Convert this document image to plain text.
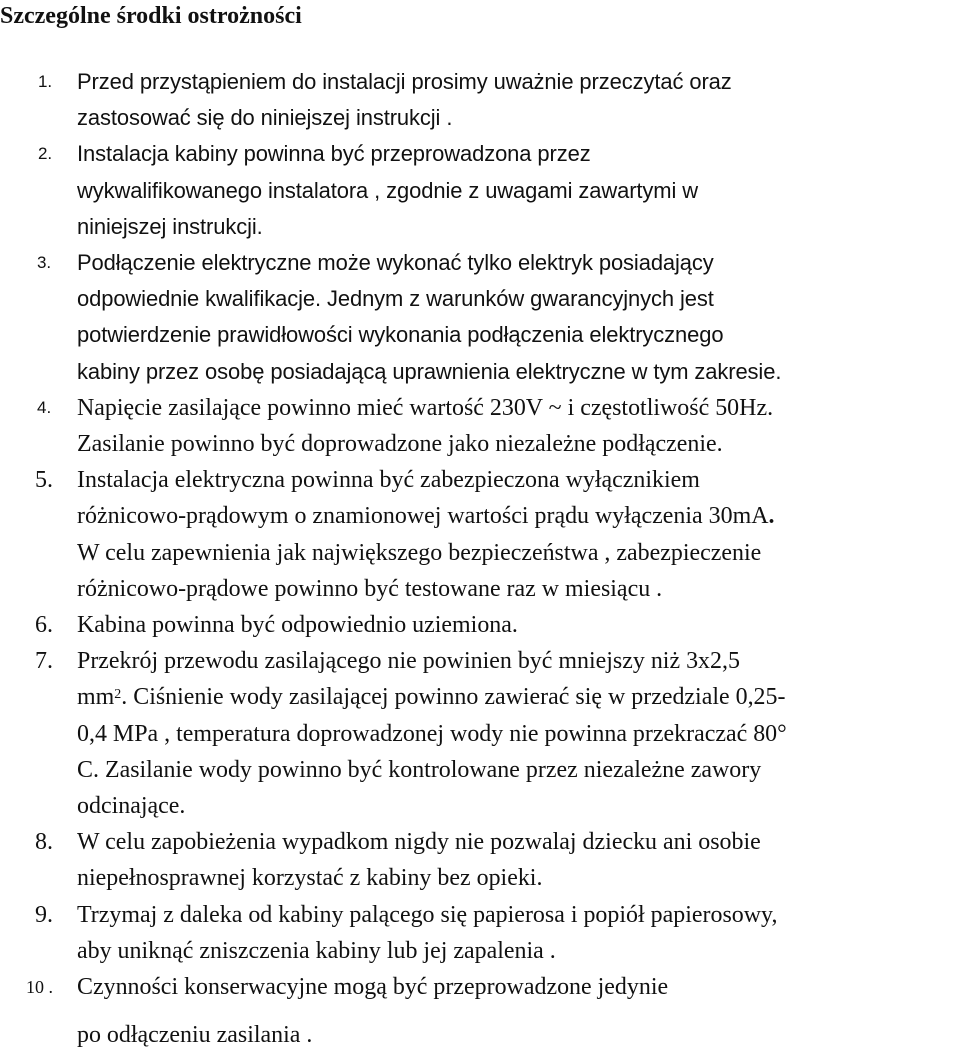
Szczególne środki ostrożności
1. Przed przystąpieniem do instalacji prosimy uważnie przeczytać oraz
zastosować się do niniejszej instrukcji .
2. Instalacja kabiny powinna być przeprowadzona przez
wykwalifikowanego instalatora , zgodnie z uwagami zawartymi w
niniejszej instrukcji.
3. Podłączenie elektryczne może wykonać tylko elektryk posiadający
odpowiednie kwalifikacje. Jednym z warunków gwarancyjnych jest
potwierdzenie prawidłowości wykonania podłączenia elektrycznego
kabiny przez osobę posiadającą uprawnienia elektryczne w tym zakresie.
4. Napięcie zasilające powinno mieć wartość 230V ~ i częstotliwość 50Hz.
Zasilanie powinno być doprowadzone jako niezależne podłączenie.
5. Instalacja elektryczna powinna być zabezpieczona wyłącznikiem
różnicowo-prądowym o znamionowej wartości prądu wyłączenia 30mA.
W celu zapewnienia jak największego bezpieczeństwa , zabezpieczenie
różnicowo-prądowe powinno być testowane raz w miesiącu .
6. Kabina powinna być odpowiednio uziemiona.
7. Przekrój przewodu zasilającego nie powinien być mniejszy niż 3x2,5
$mm^2$. Ciśnienie wody zasilającej powinno zawierać się w przedziale 0,25-
0,4 MPa , temperatura doprowadzonej wody nie powinna przekraczać 80°
C. Zasilanie wody powinno być kontrolowane przez niezależne zawory
odcinające.
8. W celu zapobieżenia wypadkom nigdy nie pozwalaj dziecku ani osobie
niepełnosprawnej korzystać z kabiny bez opieki.
9. Trzymaj z daleka od kabiny palącego się papierosa i popiół papierosowy,
aby uniknąć zniszczenia kabiny lub jej zapalenia .
10 . Czynności konserwacyjne mogą być przeprowadzone jedynie
po odłączeniu zasilania .
